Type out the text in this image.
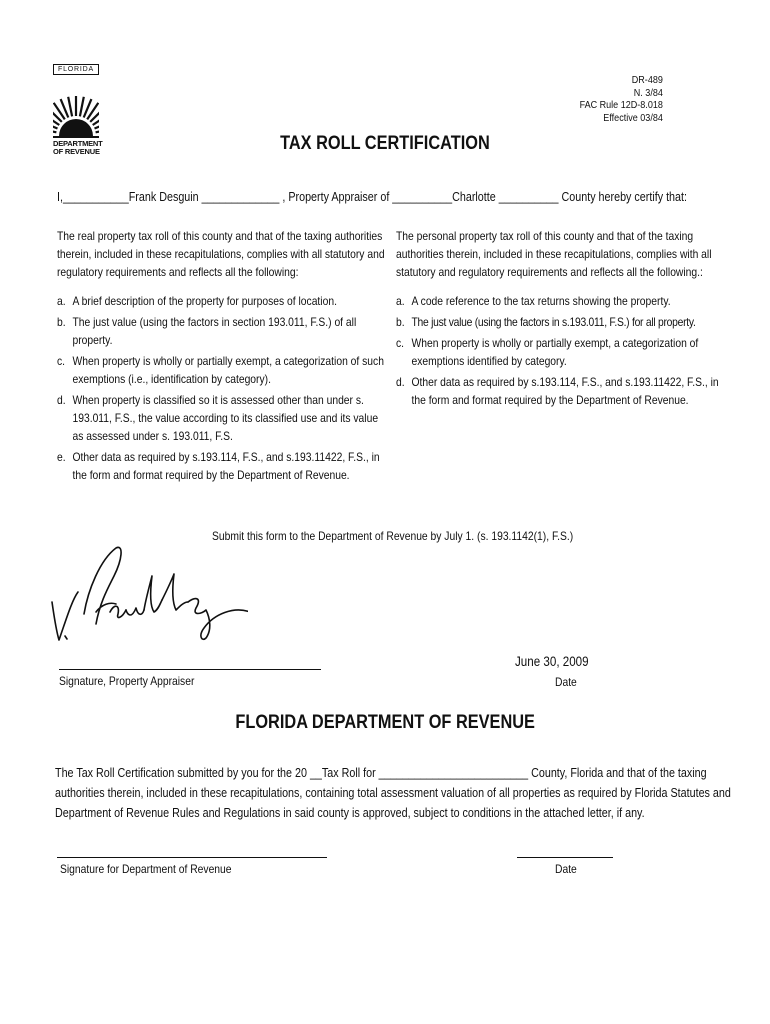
FLORIDA
DEPARTMENT
OF REVENUE
DR-489
N. 3/84
FAC Rule 12D-8.018
Effective 03/84
TAX ROLL CERTIFICATION
I,___________Frank Desguin _____________ , Property Appraiser of __________Charlotte __________ County hereby certify that:
The real property tax roll of this county and that of the taxing authorities
therein, included in these recapitulations, complies with all statutory and
regulatory requirements and reflects all the following:
a. A brief description of the property for purposes of location.
b. The just value (using the factors in section 193.011, F.S.) of all
property.
c. When property is wholly or partially exempt, a categorization of such
exemptions (i.e., identification by category).
d. When property is classified so it is assessed other than under s.
193.011, F.S., the value according to its classified use and its value
as assessed under s. 193.011, F.S.
e. Other data as required by s.193.114, F.S., and s.193.11422, F.S., in
the form and format required by the Department of Revenue.
The personal property tax roll of this county and that of the taxing
authorities therein, included in these recapitulations, complies with all
statutory and regulatory requirements and reflects all the following.:
a. A code reference to the tax returns showing the property.
b. The just value (using the factors in s.193.011, F.S.) for all property.
c. When property is wholly or partially exempt, a categorization of
exemptions identified by category.
d. Other data as required by s.193.114, F.S., and s.193.11422, F.S., in
the form and format required by the Department of Revenue.
Submit this form to the Department of Revenue by July 1. (s. 193.1142(1), F.S.)
Signature, Property Appraiser
June 30, 2009
Date
FLORIDA DEPARTMENT OF REVENUE
The Tax Roll Certification submitted by you for the 20 __Tax Roll for _________________________ County, Florida and that of the taxing
authorities therein, included in these recapitulations, containing total assessment valuation of all properties as required by Florida Statutes and
Department of Revenue Rules and Regulations in said county is approved, subject to conditions in the attached letter, if any.
Signature for Department of Revenue	Date
